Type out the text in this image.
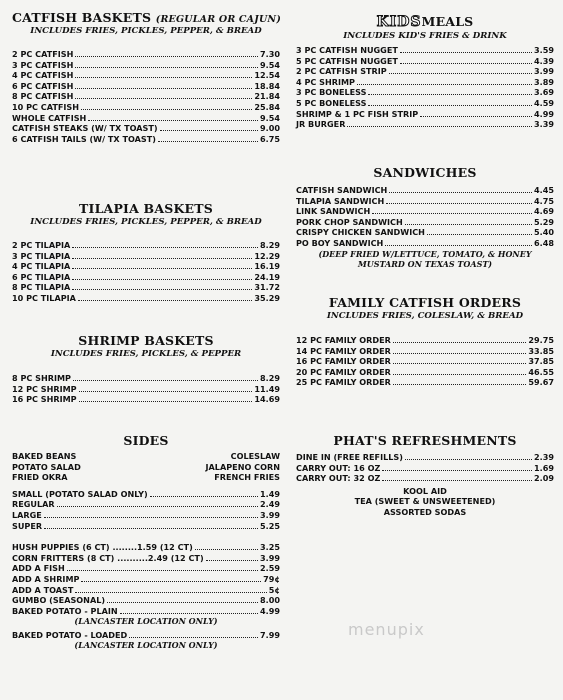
CATFISH BASKETS (REGULAR OR CAJUN)
INCLUDES FRIES, PICKLES, PEPPER, & BREAD
2 PC CATFISH	7.30
3 PC CATFISH	9.54
4 PC CATFISH	12.54
6 PC CATFISH	18.84
8 PC CATFISH	21.84
10 PC CATFISH	25.84
WHOLE CATFISH	9.54
CATFISH STEAKS (W/ TX TOAST)	9.00
6 CATFISH TAILS (W/ TX TOAST)	6.75
TILAPIA BASKETS
INCLUDES FRIES, PICKLES, PEPPER, & BREAD
2 PC TILAPIA	8.29
3 PC TILAPIA	12.29
4 PC TILAPIA	16.19
6 PC TILAPIA	24.19
8 PC TILAPIA	31.72
10 PC TILAPIA	35.29
SHRIMP BASKETS
INCLUDES FRIES, PICKLES, & PEPPER
8 PC SHRIMP	8.29
12 PC SHRIMP	11.49
16 PC SHRIMP	14.69
SIDES
BAKED BEANS	COLESLAW
POTATO SALAD	JALAPENO CORN
FRIED OKRA	FRENCH FRIES
SMALL (POTATO SALAD ONLY)	1.49
REGULAR	2.49
LARGE	3.99
SUPER	5.25
HUSH PUPPIES (6 CT) ........1.59 (12 CT)	3.25
CORN FRITTERS (8 CT) ..........2.49 (12 CT)	3.99
ADD A FISH	2.59
ADD A SHRIMP	79¢
ADD A TOAST	5¢
GUMBO (SEASONAL)	8.00
BAKED POTATO - PLAIN	4.99
(LANCASTER LOCATION ONLY)
BAKED POTATO - LOADED	7.99
(LANCASTER LOCATION ONLY)
KIDSMEALS
INCLUDES KID'S FRIES & DRINK
3 PC CATFISH NUGGET	3.59
5 PC CATFISH NUGGET	4.39
2 PC CATFISH STRIP	3.99
4 PC SHRIMP	3.89
3 PC BONELESS	3.69
5 PC BONELESS	4.59
SHRIMP & 1 PC FISH STRIP	4.99
JR BURGER	3.39
SANDWICHES
CATFISH SANDWICH	4.45
TILAPIA SANDWICH	4.75
LINK SANDWICH	4.69
PORK CHOP SANDWICH	5.29
CRISPY CHICKEN SANDWICH	5.40
PO BOY SANDWICH	6.48
(DEEP FRIED W/LETTUCE, TOMATO, & HONEY
MUSTARD ON TEXAS TOAST)
FAMILY CATFISH ORDERS
INCLUDES FRIES, COLESLAW, & BREAD
12 PC FAMILY ORDER	29.75
14 PC FAMILY ORDER	33.85
16 PC FAMILY ORDER	37.85
20 PC FAMILY ORDER	46.55
25 PC FAMILY ORDER	59.67
PHAT'S REFRESHMENTS
DINE IN (FREE REFILLS)	2.39
CARRY OUT: 16 OZ	1.69
CARRY OUT: 32 OZ	2.09
KOOL AID
TEA (SWEET & UNSWEETENED)
ASSORTED SODAS
menupix
